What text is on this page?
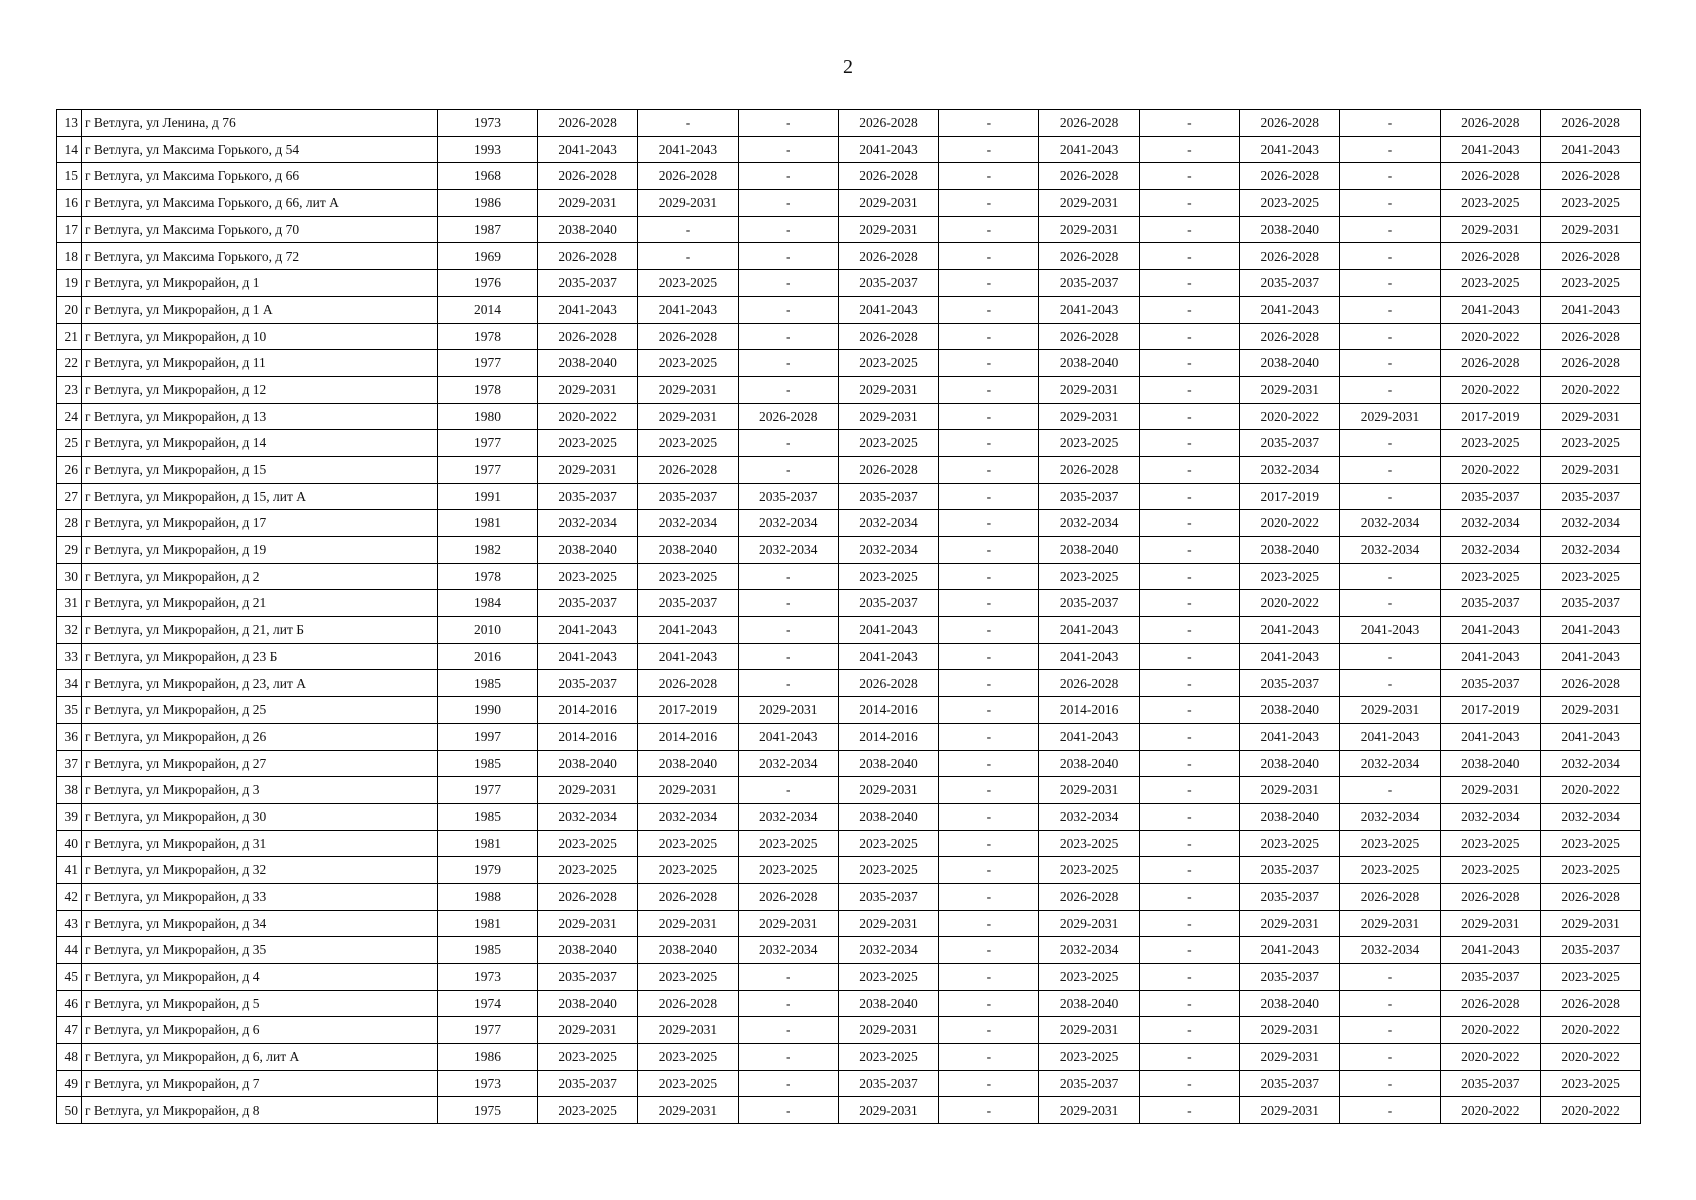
2
13	г Ветлуга, ул Ленина, д 76	1973	2026-2028	-	-	2026-2028	-	2026-2028	-	2026-2028	-	2026-2028	2026-2028
14	г Ветлуга, ул Максима Горького, д 54	1993	2041-2043	2041-2043	-	2041-2043	-	2041-2043	-	2041-2043	-	2041-2043	2041-2043
15	г Ветлуга, ул Максима Горького, д 66	1968	2026-2028	2026-2028	-	2026-2028	-	2026-2028	-	2026-2028	-	2026-2028	2026-2028
16	г Ветлуга, ул Максима Горького, д 66, лит А	1986	2029-2031	2029-2031	-	2029-2031	-	2029-2031	-	2023-2025	-	2023-2025	2023-2025
17	г Ветлуга, ул Максима Горького, д 70	1987	2038-2040	-	-	2029-2031	-	2029-2031	-	2038-2040	-	2029-2031	2029-2031
18	г Ветлуга, ул Максима Горького, д 72	1969	2026-2028	-	-	2026-2028	-	2026-2028	-	2026-2028	-	2026-2028	2026-2028
19	г Ветлуга, ул Микрорайон, д 1	1976	2035-2037	2023-2025	-	2035-2037	-	2035-2037	-	2035-2037	-	2023-2025	2023-2025
20	г Ветлуга, ул Микрорайон, д 1 А	2014	2041-2043	2041-2043	-	2041-2043	-	2041-2043	-	2041-2043	-	2041-2043	2041-2043
21	г Ветлуга, ул Микрорайон, д 10	1978	2026-2028	2026-2028	-	2026-2028	-	2026-2028	-	2026-2028	-	2020-2022	2026-2028
22	г Ветлуга, ул Микрорайон, д 11	1977	2038-2040	2023-2025	-	2023-2025	-	2038-2040	-	2038-2040	-	2026-2028	2026-2028
23	г Ветлуга, ул Микрорайон, д 12	1978	2029-2031	2029-2031	-	2029-2031	-	2029-2031	-	2029-2031	-	2020-2022	2020-2022
24	г Ветлуга, ул Микрорайон, д 13	1980	2020-2022	2029-2031	2026-2028	2029-2031	-	2029-2031	-	2020-2022	2029-2031	2017-2019	2029-2031
25	г Ветлуга, ул Микрорайон, д 14	1977	2023-2025	2023-2025	-	2023-2025	-	2023-2025	-	2035-2037	-	2023-2025	2023-2025
26	г Ветлуга, ул Микрорайон, д 15	1977	2029-2031	2026-2028	-	2026-2028	-	2026-2028	-	2032-2034	-	2020-2022	2029-2031
27	г Ветлуга, ул Микрорайон, д 15, лит А	1991	2035-2037	2035-2037	2035-2037	2035-2037	-	2035-2037	-	2017-2019	-	2035-2037	2035-2037
28	г Ветлуга, ул Микрорайон, д 17	1981	2032-2034	2032-2034	2032-2034	2032-2034	-	2032-2034	-	2020-2022	2032-2034	2032-2034	2032-2034
29	г Ветлуга, ул Микрорайон, д 19	1982	2038-2040	2038-2040	2032-2034	2032-2034	-	2038-2040	-	2038-2040	2032-2034	2032-2034	2032-2034
30	г Ветлуга, ул Микрорайон, д 2	1978	2023-2025	2023-2025	-	2023-2025	-	2023-2025	-	2023-2025	-	2023-2025	2023-2025
31	г Ветлуга, ул Микрорайон, д 21	1984	2035-2037	2035-2037	-	2035-2037	-	2035-2037	-	2020-2022	-	2035-2037	2035-2037
32	г Ветлуга, ул Микрорайон, д 21, лит Б	2010	2041-2043	2041-2043	-	2041-2043	-	2041-2043	-	2041-2043	2041-2043	2041-2043	2041-2043
33	г Ветлуга, ул Микрорайон, д 23 Б	2016	2041-2043	2041-2043	-	2041-2043	-	2041-2043	-	2041-2043	-	2041-2043	2041-2043
34	г Ветлуга, ул Микрорайон, д 23, лит А	1985	2035-2037	2026-2028	-	2026-2028	-	2026-2028	-	2035-2037	-	2035-2037	2026-2028
35	г Ветлуга, ул Микрорайон, д 25	1990	2014-2016	2017-2019	2029-2031	2014-2016	-	2014-2016	-	2038-2040	2029-2031	2017-2019	2029-2031
36	г Ветлуга, ул Микрорайон, д 26	1997	2014-2016	2014-2016	2041-2043	2014-2016	-	2041-2043	-	2041-2043	2041-2043	2041-2043	2041-2043
37	г Ветлуга, ул Микрорайон, д 27	1985	2038-2040	2038-2040	2032-2034	2038-2040	-	2038-2040	-	2038-2040	2032-2034	2038-2040	2032-2034
38	г Ветлуга, ул Микрорайон, д 3	1977	2029-2031	2029-2031	-	2029-2031	-	2029-2031	-	2029-2031	-	2029-2031	2020-2022
39	г Ветлуга, ул Микрорайон, д 30	1985	2032-2034	2032-2034	2032-2034	2038-2040	-	2032-2034	-	2038-2040	2032-2034	2032-2034	2032-2034
40	г Ветлуга, ул Микрорайон, д 31	1981	2023-2025	2023-2025	2023-2025	2023-2025	-	2023-2025	-	2023-2025	2023-2025	2023-2025	2023-2025
41	г Ветлуга, ул Микрорайон, д 32	1979	2023-2025	2023-2025	2023-2025	2023-2025	-	2023-2025	-	2035-2037	2023-2025	2023-2025	2023-2025
42	г Ветлуга, ул Микрорайон, д 33	1988	2026-2028	2026-2028	2026-2028	2035-2037	-	2026-2028	-	2035-2037	2026-2028	2026-2028	2026-2028
43	г Ветлуга, ул Микрорайон, д 34	1981	2029-2031	2029-2031	2029-2031	2029-2031	-	2029-2031	-	2029-2031	2029-2031	2029-2031	2029-2031
44	г Ветлуга, ул Микрорайон, д 35	1985	2038-2040	2038-2040	2032-2034	2032-2034	-	2032-2034	-	2041-2043	2032-2034	2041-2043	2035-2037
45	г Ветлуга, ул Микрорайон, д 4	1973	2035-2037	2023-2025	-	2023-2025	-	2023-2025	-	2035-2037	-	2035-2037	2023-2025
46	г Ветлуга, ул Микрорайон, д 5	1974	2038-2040	2026-2028	-	2038-2040	-	2038-2040	-	2038-2040	-	2026-2028	2026-2028
47	г Ветлуга, ул Микрорайон, д 6	1977	2029-2031	2029-2031	-	2029-2031	-	2029-2031	-	2029-2031	-	2020-2022	2020-2022
48	г Ветлуга, ул Микрорайон, д 6, лит А	1986	2023-2025	2023-2025	-	2023-2025	-	2023-2025	-	2029-2031	-	2020-2022	2020-2022
49	г Ветлуга, ул Микрорайон, д 7	1973	2035-2037	2023-2025	-	2035-2037	-	2035-2037	-	2035-2037	-	2035-2037	2023-2025
50	г Ветлуга, ул Микрорайон, д 8	1975	2023-2025	2029-2031	-	2029-2031	-	2029-2031	-	2029-2031	-	2020-2022	2020-2022
